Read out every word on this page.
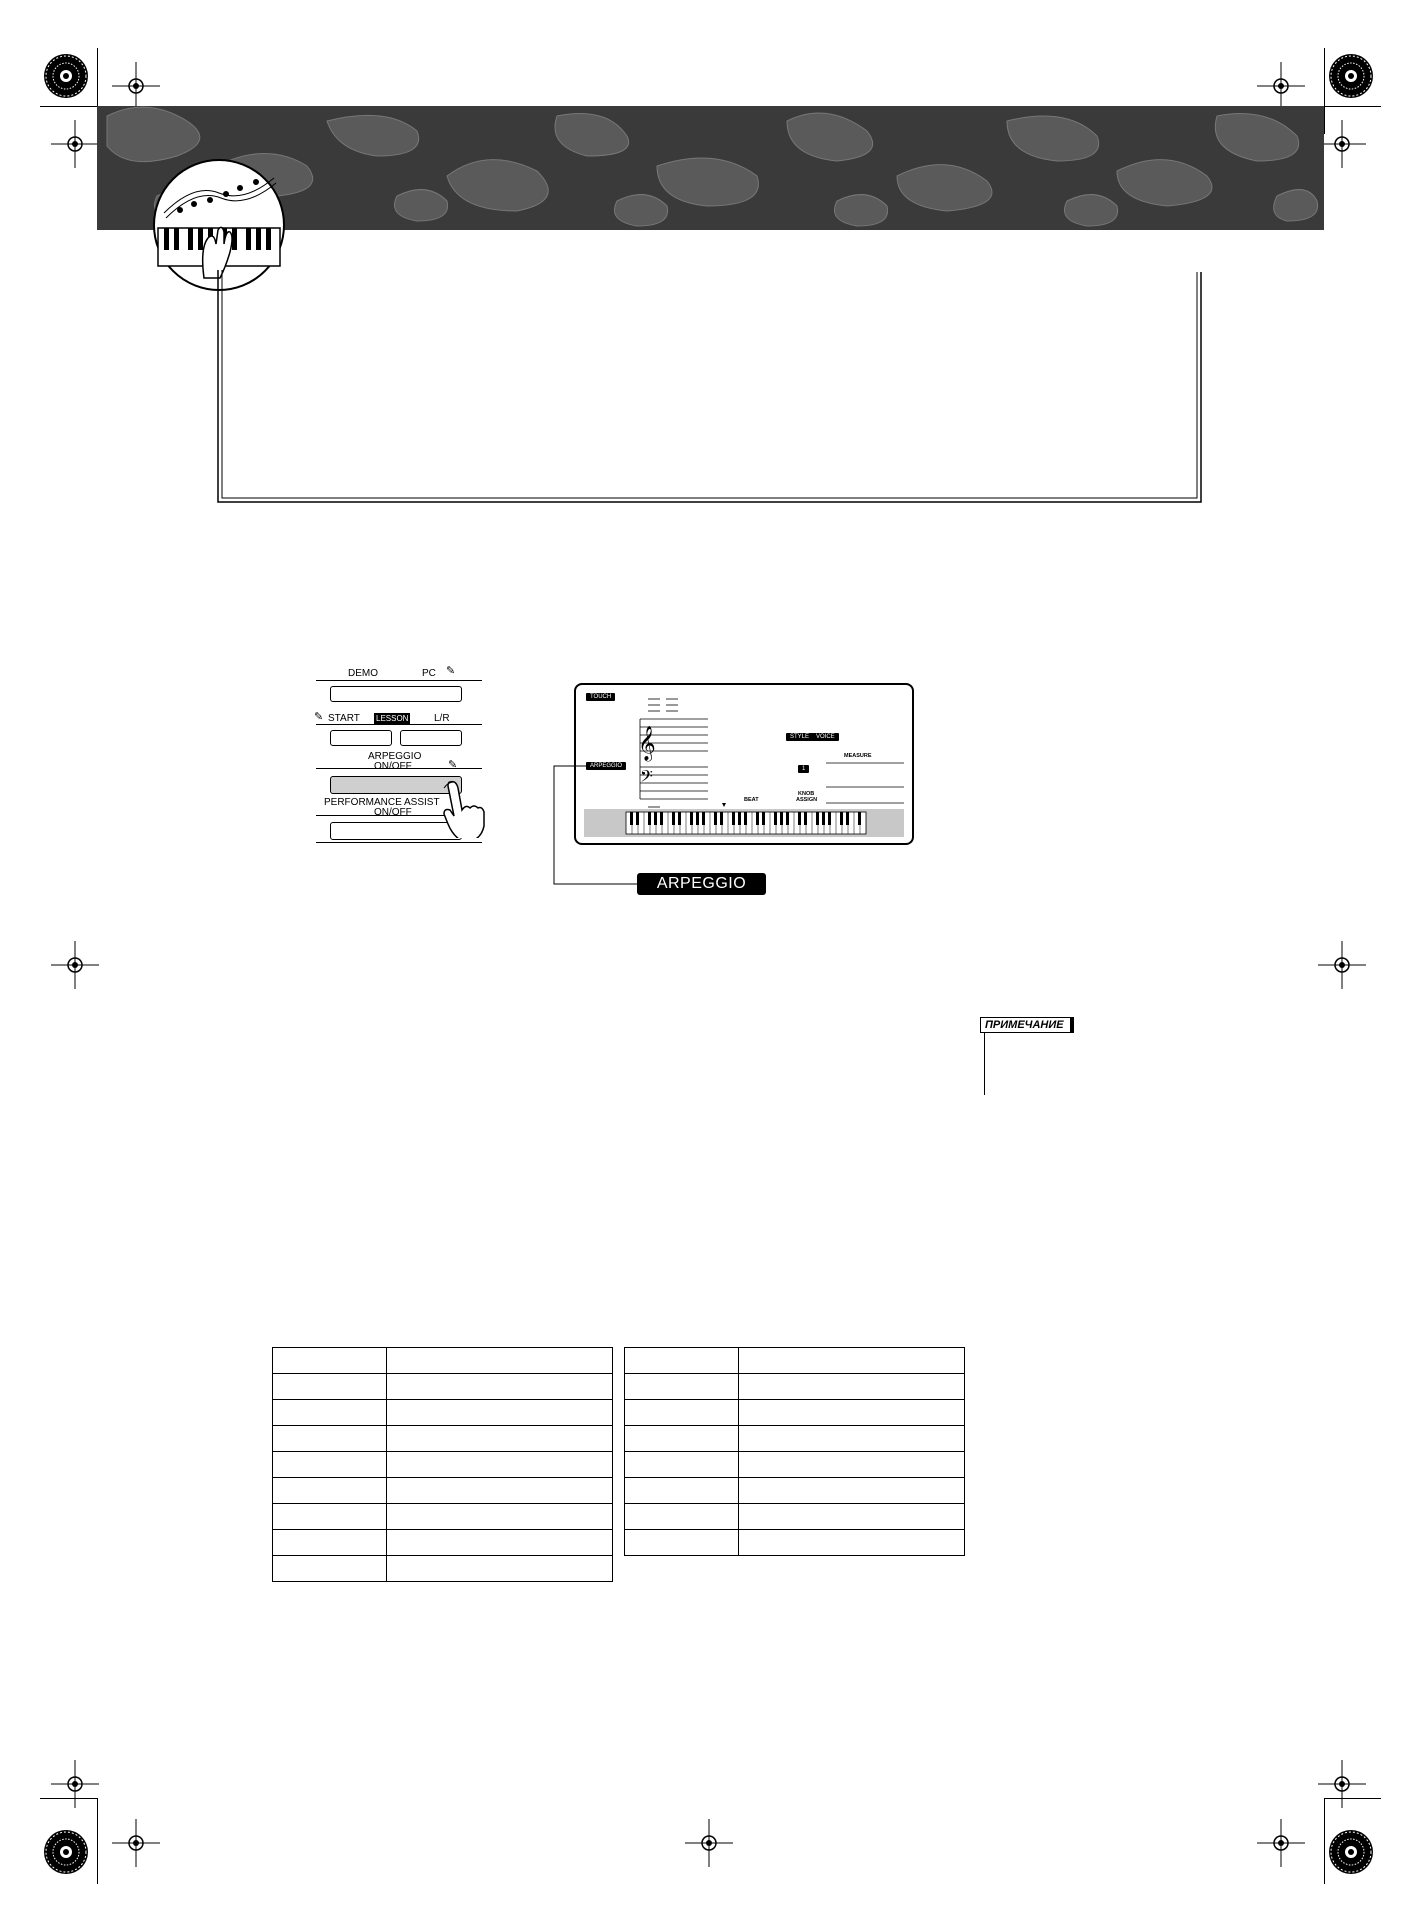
DEMO	PC ✎
✎ START LESSON	L/R
ARPEGGIO
ON/OFF	✎
PERFORMANCE ASSIST
ON/OFF
TOUCH
ARPEGGIO
STYLE	VOICE
MEASURE
1
BEAT
KNOB
ASSIGN
𝄞
𝄢
ARPEGGIO
ПРИМЕЧАНИЕ
